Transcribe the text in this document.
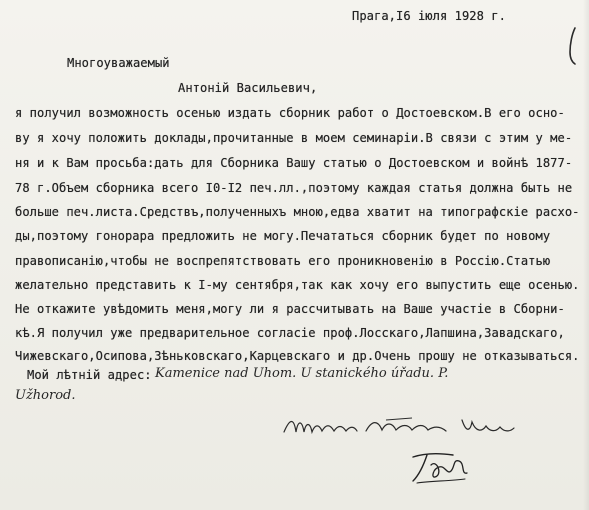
Прага,I6 іюля 1928 г.
Многоуважаемый
Антоній Васильевич,
я получил возможность осенью издать сборник работ о Достоевском.В его осно-
ву я хочу положить доклады,прочитанные в моем семинаріи.В связи с этим у ме-
ня и к Вам просьба:дать для Сборника Вашу статью о Достоевском и войнѣ 1877-
78 г.Объем сборника всего I0-I2 печ.лл.,поэтому каждая статья должна быть не
больше печ.листа.Средствъ,полученныхъ мною,едва хватит на типографскіе расхо-
ды,поэтому гонорара предложить не могу.Печататься сборник будет по новому
правописанію,чтобы не воспрепятствовать его проникновенію в Россію.Статью
желательно представить к I-му сентября,так как хочу его выпустить еще осенью.
Не откажите увѣдомить меня,могу ли я рассчитывать на Ваше участіе в Сборни-
кѣ.Я получил уже предварительное согласіе проф.Лосскаго,Лапшина,Завадскаго,
Чижевскаго,Осипова,Зѣньковскаго,Карцевскаго и др.Очень прошу не отказываться.
Мой лѣтній адрес: Kamenice nad Uhom. U stanického úřadu. P.
Užhorod.
